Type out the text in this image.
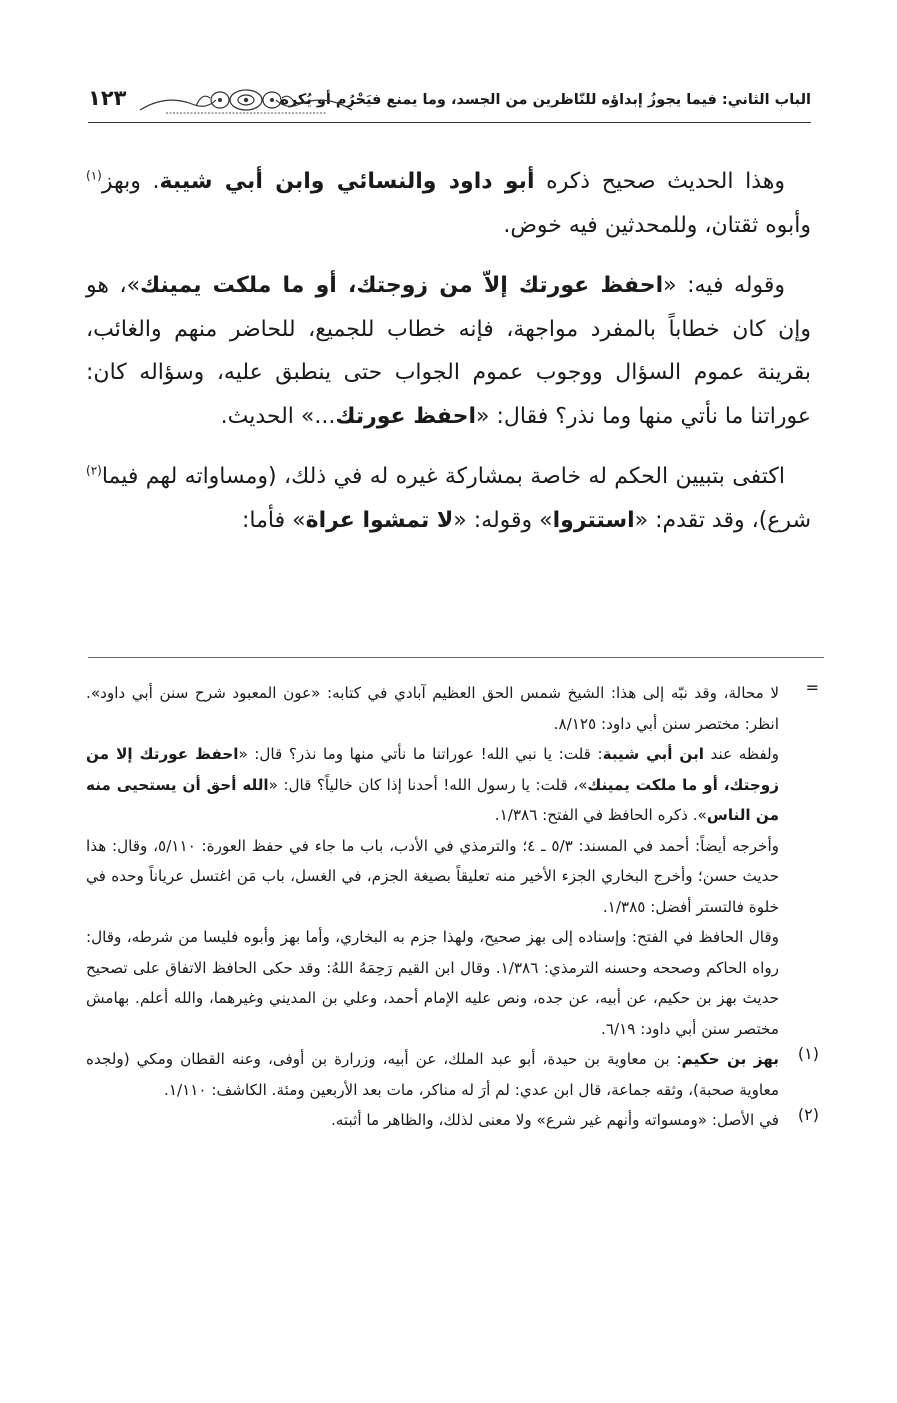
الباب الثاني: فيما يجوزُ إبداؤه للنّاظرين من الجسد، وما يمنع فيَحْرُم أو يُكره
١٢٣

وهذا الحديث صحيح ذكره أبو داود والنسائي وابن أبي شيبة. وبهز$^{(١)}$ وأبوه ثقتان، وللمحدثين فيه خوض.

وقوله فيه: «احفظ عورتك إلاّ من زوجتك، أو ما ملكت يمينك»، هو وإن كان خطاباً بالمفرد مواجهة، فإنه خطاب للجميع، للحاضر منهم والغائب، بقرينة عموم السؤال ووجوب عموم الجواب حتى ينطبق عليه، وسؤاله كان: عوراتنا ما نأتي منها وما نذر؟ فقال: «احفظ عورتك...» الحديث.

اكتفى بتبيين الحكم له خاصة بمشاركة غيره له في ذلك، (ومساواته لهم فيما$^{(٢)}$ شرع)، وقد تقدم: «استتروا» وقوله: «لا تمشوا عراة» فأما:

=

لا محالة، وقد نبّه إلى هذا: الشيخ شمس الحق العظيم آبادي في كتابه: «عون المعبود شرح سنن أبي داود». انظر: مختصر سنن أبي داود: ٨/١٢٥.

ولفظه عند ابن أبي شيبة: قلت: يا نبي الله! عوراتنا ما نأتي منها وما نذر؟ قال: «احفظ عورتك إلا من زوجتك، أو ما ملكت يمينك»، قلت: يا رسول الله! أحدنا إذا كان خالياً؟ قال: «الله أحق أن يستحيى منه من الناس». ذكره الحافظ في الفتح: ١/٣٨٦.

وأخرجه أيضاً: أحمد في المسند: ٥/٣ ـ ٤؛ والترمذي في الأدب، باب ما جاء في حفظ العورة: ٥/١١٠، وقال: هذا حديث حسن؛ وأخرج البخاري الجزء الأخير منه تعليقاً بصيغة الجزم، في الغسل، باب مَن اغتسل عرياناً وحده في خلوة فالتستر أفضل: ١/٣٨٥.

وقال الحافظ في الفتح: وإسناده إلى بهز صحيح، ولهذا جزم به البخاري، وأما بهز وأبوه فليسا من شرطه، وقال: رواه الحاكم وصححه وحسنه الترمذي: ١/٣٨٦. وقال ابن القيم رَحِمَهُ اللهُ: وقد حكى الحافظ الاتفاق على تصحيح حديث بهز بن حكيم، عن أبيه، عن جده، ونص عليه الإمام أحمد، وعلي بن المديني وغيرهما، والله أعلم. بهامش مختصر سنن أبي داود: ٦/١٩.

(١)

بهز بن حكيم: بن معاوية بن حيدة، أبو عبد الملك، عن أبيه، وزرارة بن أوفى، وعنه القطان ومكي (ولجده معاوية صحبة)، وثقه جماعة، قال ابن عدي: لم أرَ له مناكر، مات بعد الأربعين ومئة. الكاشف: ١/١١٠.

(٢)

في الأصل: «ومسواته وأنهم غير شرع» ولا معنى لذلك، والظاهر ما أثبته.
